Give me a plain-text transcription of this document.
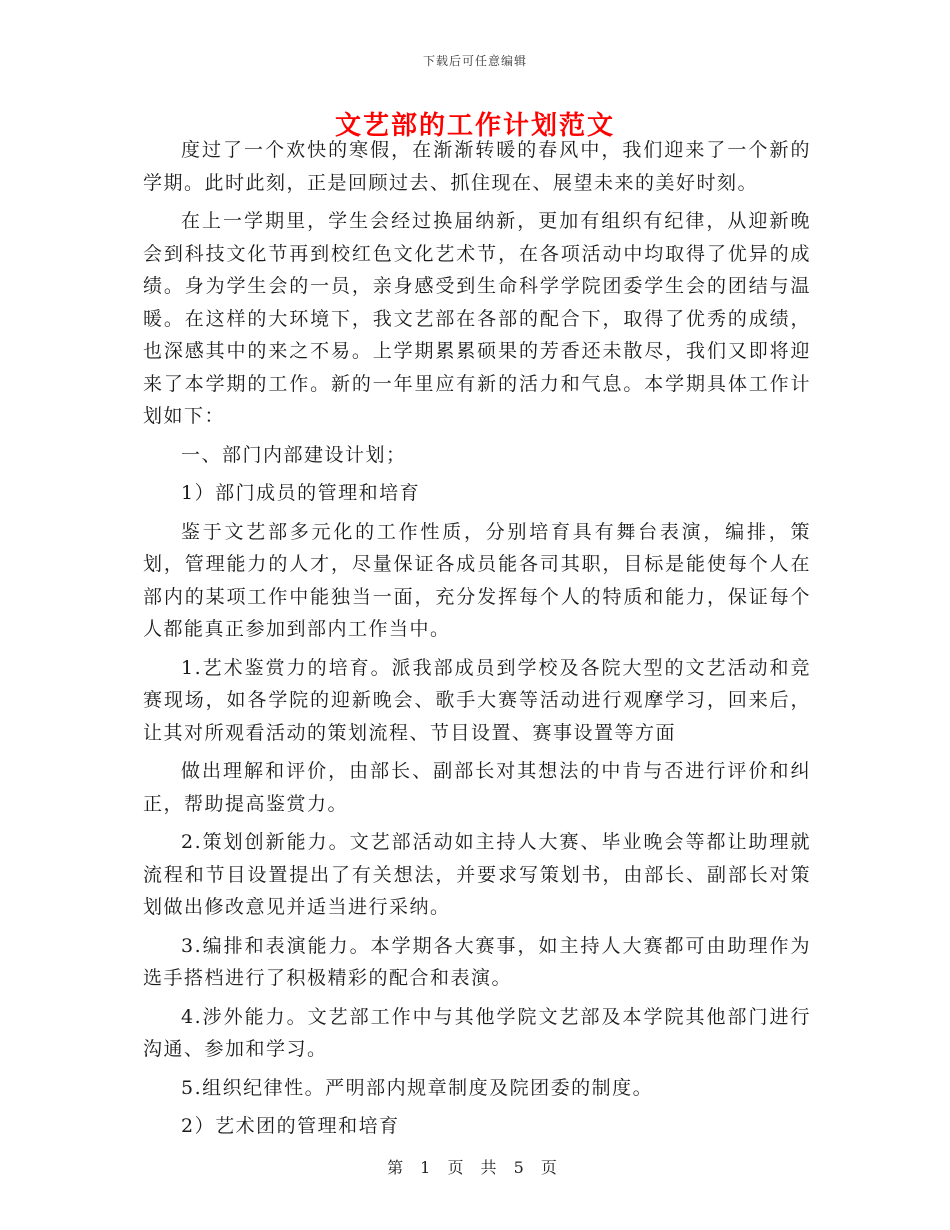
下载后可任意编辑
文艺部的工作计划范文

度过了一个欢快的寒假，在渐渐转暖的春风中，我们迎来了一个新的学期。此时此刻，正是回顾过去、抓住现在、展望未来的美好时刻。

在上一学期里，学生会经过换届纳新，更加有组织有纪律，从迎新晚会到科技文化节再到校红色文化艺术节，在各项活动中均取得了优异的成绩。身为学生会的一员，亲身感受到生命科学学院团委学生会的团结与温暖。在这样的大环境下，我文艺部在各部的配合下，取得了优秀的成绩，也深感其中的来之不易。上学期累累硕果的芳香还未散尽，我们又即将迎来了本学期的工作。新的一年里应有新的活力和气息。本学期具体工作计划如下：

一、部门内部建设计划；

1）部门成员的管理和培育

鉴于文艺部多元化的工作性质，分别培育具有舞台表演，编排，策划，管理能力的人才，尽量保证各成员能各司其职，目标是能使每个人在部内的某项工作中能独当一面，充分发挥每个人的特质和能力，保证每个人都能真正参加到部内工作当中。

1.艺术鉴赏力的培育。派我部成员到学校及各院大型的文艺活动和竞赛现场，如各学院的迎新晚会、歌手大赛等活动进行观摩学习，回来后，让其对所观看活动的策划流程、节目设置、赛事设置等方面

做出理解和评价，由部长、副部长对其想法的中肯与否进行评价和纠正，帮助提高鉴赏力。

2.策划创新能力。文艺部活动如主持人大赛、毕业晚会等都让助理就流程和节目设置提出了有关想法，并要求写策划书，由部长、副部长对策划做出修改意见并适当进行采纳。

3.编排和表演能力。本学期各大赛事，如主持人大赛都可由助理作为选手搭档进行了积极精彩的配合和表演。

4.涉外能力。文艺部工作中与其他学院文艺部及本学院其他部门进行沟通、参加和学习。

5.组织纪律性。严明部内规章制度及院团委的制度。

2）艺术团的管理和培育

第 1 页 共 5 页
